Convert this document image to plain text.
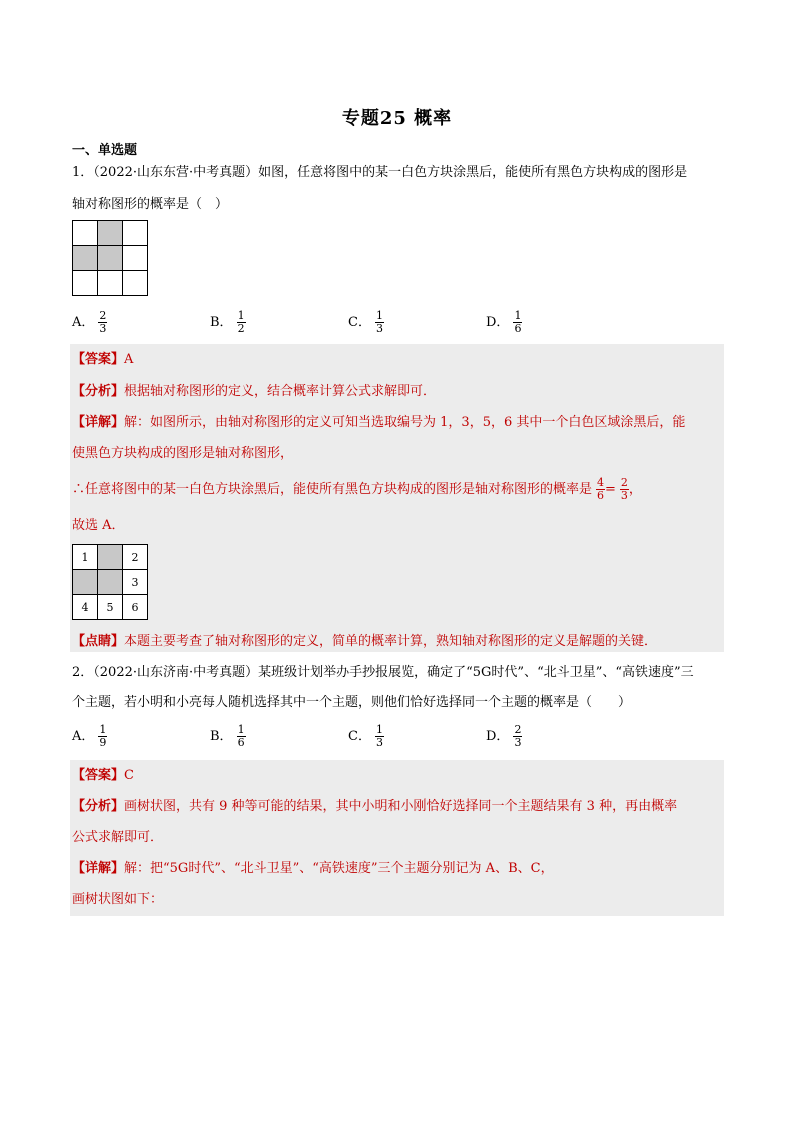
专题25 概率
一、单选题
1．（2022·山东东营·中考真题）如图，任意将图中的某一白色方块涂黑后，能使所有黑色方块构成的图形是
轴对称图形的概率是（　）

A． $\frac{2}{3}$	B． $\frac{1}{2}$	C． $\frac{1}{3}$	D． $\frac{1}{6}$
【答案】A
【分析】根据轴对称图形的定义，结合概率计算公式求解即可．
【详解】解：如图所示，由轴对称图形的定义可知当选取编号为 1，3，5，6 其中一个白色区域涂黑后，能
使黑色方块构成的图形是轴对称图形，
∴任意将图中的某一白色方块涂黑后，能使所有黑色方块构成的图形是轴对称图形的概率是 $\frac{4}{6} = \frac{2}{3}$ ，
故选 A．
1		2
		3
4	5	6
【点睛】本题主要考查了轴对称图形的定义，简单的概率计算，熟知轴对称图形的定义是解题的关键．
2．（2022·山东济南·中考真题）某班级计划举办手抄报展览，确定了“5G时代”、“北斗卫星”、“高铁速度”三
个主题，若小明和小亮每人随机选择其中一个主题，则他们恰好选择同一个主题的概率是（　　）
A． $\frac{1}{9}$	B． $\frac{1}{6}$	C． $\frac{1}{3}$	D． $\frac{2}{3}$
【答案】C
【分析】画树状图，共有 9 种等可能的结果，其中小明和小刚恰好选择同一个主题结果有 3 种，再由概率
公式求解即可．
【详解】解：把“5G时代”、“北斗卫星”、“高铁速度”三个主题分别记为 A、B、C，
画树状图如下：
